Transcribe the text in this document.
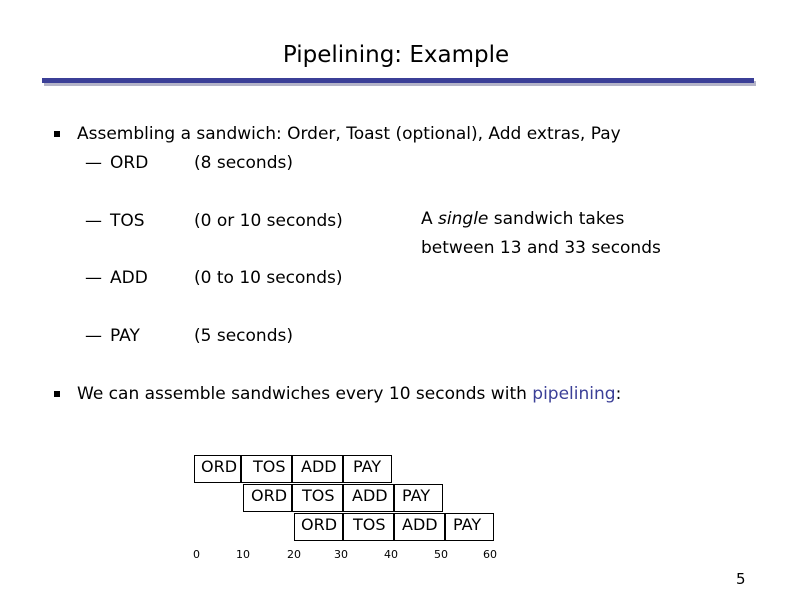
Pipelining: Example
Assembling a sandwich: Order, Toast (optional), Add extras, Pay
— ORD	(8 seconds)
— TOS	(0 or 10 seconds)
— ADD	(0 to 10 seconds)
— PAY	(5 seconds)
A single sandwich takes
between 13 and 33 seconds
We can assemble sandwiches every 10 seconds with pipelining:
ORD TOS ADD PAY
ORD TOS ADD PAY
ORD TOS ADD PAY
0	10	20	30	40	50	60
5
